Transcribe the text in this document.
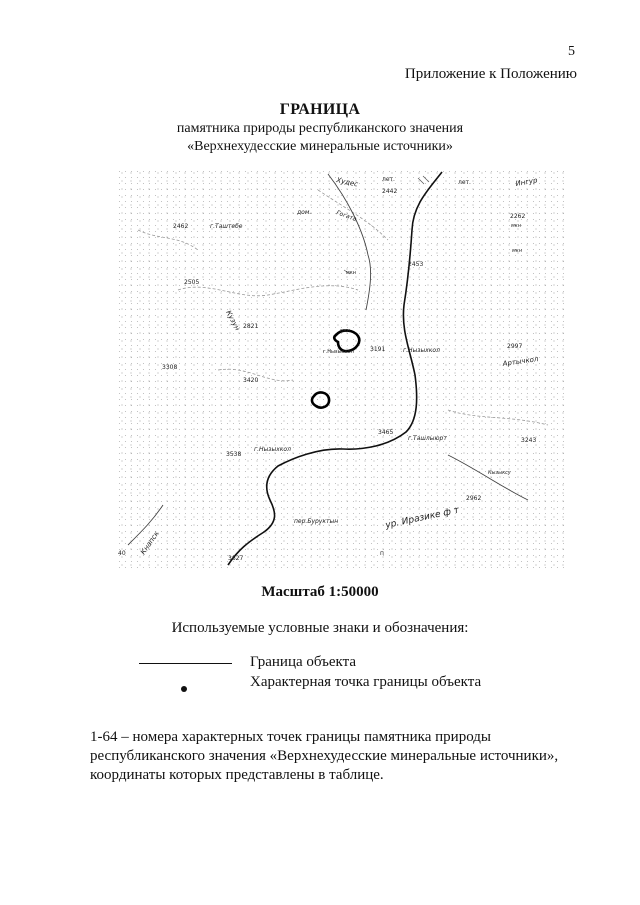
5
Приложение к Положению
ГРАНИЦА
памятника природы республиканского значения
«Верхнехудесские минеральные источники»
Худес	лет.	лет.	Ингур
дом.	Гогата
2442
2262
мкн
2462	г.Таштебе
2453
мкн
2505
мкн
Кузун 2821
мкн
г.Нызыхкол	3191	г.Нызыхкол
2997
Артычкол
3308
3420
3465
г.Ташлыюрт
г.Нызыхкол
3538
3243
Кызыксу
2962
пер.Буруктын	ур. Иразике ф т
Кнапск
3627
40	п
Масштаб 1:50000
Используемые условные знаки и обозначения:
Граница объекта
Характерная точка границы объекта
1-64 – номера характерных точек границы памятника природы республиканского значения «Верхнехудесские минеральные источники», координаты которых представлены в таблице.
